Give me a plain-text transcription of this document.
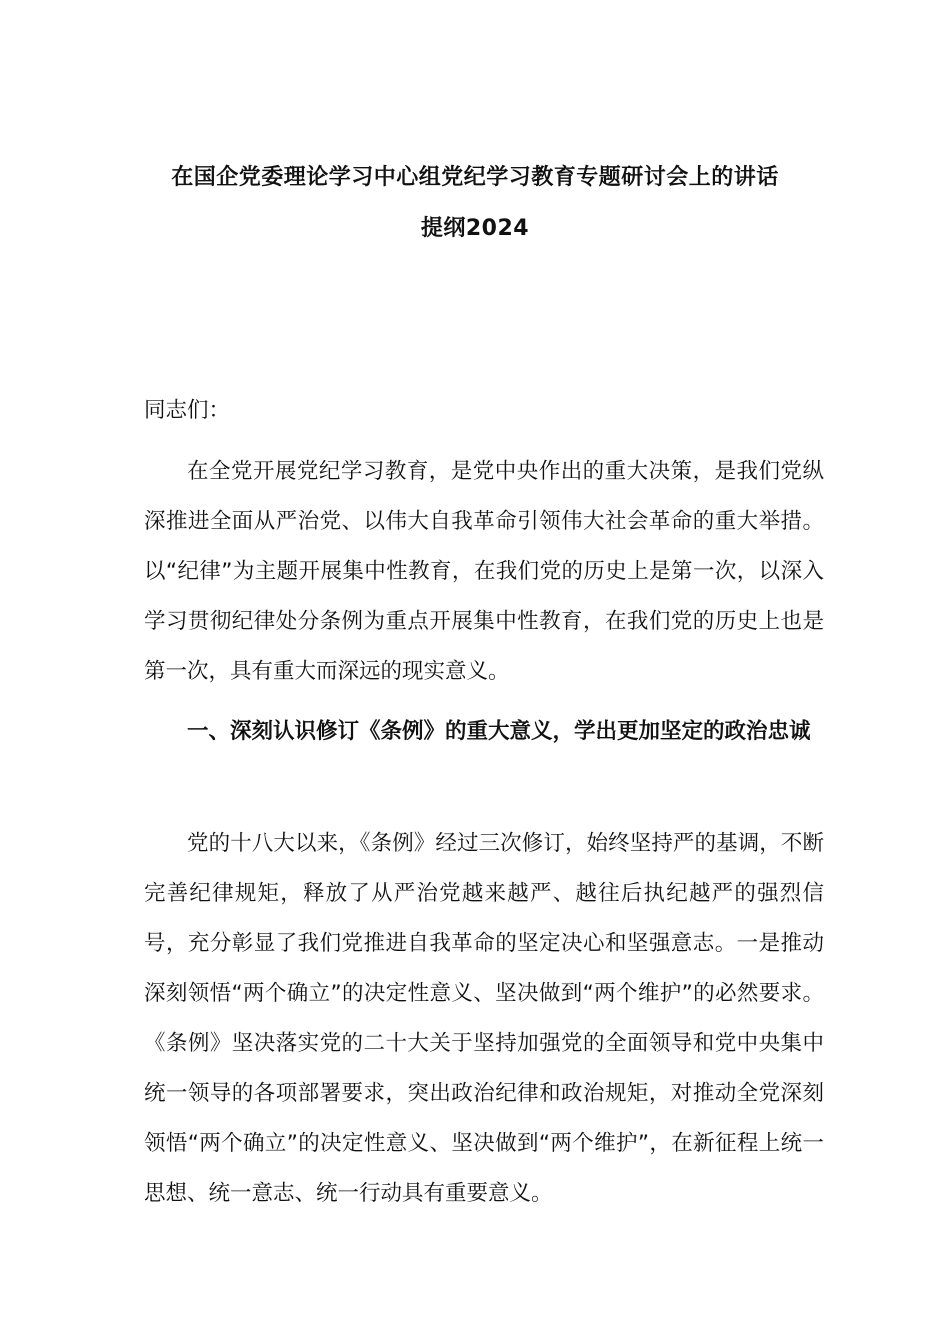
在国企党委理论学习中心组党纪学习教育专题研讨会上的讲话
提纲2024
同志们：
在全党开展党纪学习教育，是党中央作出的重大决策，是我们党纵深推进全面从严治党、以伟大自我革命引领伟大社会革命的重大举措。以“纪律”为主题开展集中性教育，在我们党的历史上是第一次，以深入学习贯彻纪律处分条例为重点开展集中性教育，在我们党的历史上也是第一次，具有重大而深远的现实意义。
一、深刻认识修订《条例》的重大意义，学出更加坚定的政治忠诚
党的十八大以来，《条例》经过三次修订，始终坚持严的基调，不断完善纪律规矩，释放了从严治党越来越严、越往后执纪越严的强烈信号，充分彰显了我们党推进自我革命的坚定决心和坚强意志。一是推动深刻领悟“两个确立”的决定性意义、坚决做到“两个维护”的必然要求。《条例》坚决落实党的二十大关于坚持加强党的全面领导和党中央集中统一领导的各项部署要求，突出政治纪律和政治规矩，对推动全党深刻领悟“两个确立”的决定性意义、坚决做到“两个维护”，在新征程上统一思想、统一意志、统一行动具有重要意义。
